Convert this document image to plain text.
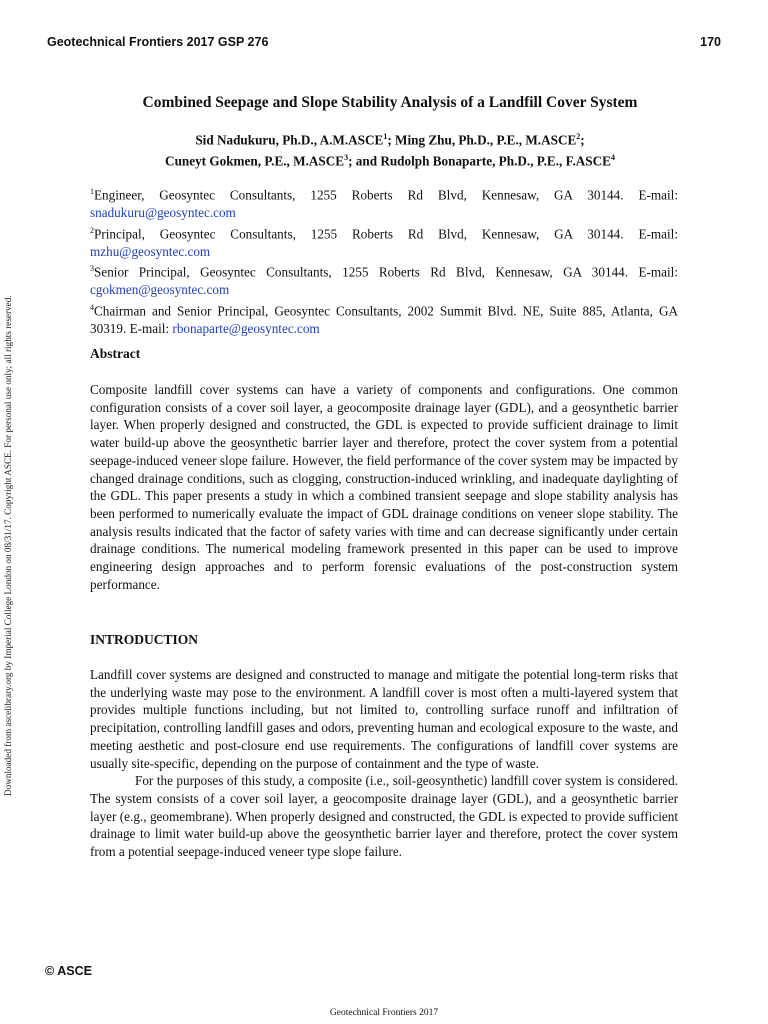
Geotechnical Frontiers 2017 GSP 276	170
Downloaded from ascelibrary.org by Imperial College London on 08/31/17. Copyright ASCE. For personal use only; all rights reserved.
Combined Seepage and Slope Stability Analysis of a Landfill Cover System
Sid Nadukuru, Ph.D., A.M.ASCE$^1$; Ming Zhu, Ph.D., P.E., M.ASCE$^2$;
Cuneyt Gokmen, P.E., M.ASCE$^3$; and Rudolph Bonaparte, Ph.D., P.E., F.ASCE$^4$
$^1$Engineer, Geosyntec Consultants, 1255 Roberts Rd Blvd, Kennesaw, GA 30144. E-mail: snadukuru@geosyntec.com
$^2$Principal, Geosyntec Consultants, 1255 Roberts Rd Blvd, Kennesaw, GA 30144. E-mail: mzhu@geosyntec.com
$^3$Senior Principal, Geosyntec Consultants, 1255 Roberts Rd Blvd, Kennesaw, GA 30144. E-mail: cgokmen@geosyntec.com
$^4$Chairman and Senior Principal, Geosyntec Consultants, 2002 Summit Blvd. NE, Suite 885, Atlanta, GA 30319. E-mail: rbonaparte@geosyntec.com
Abstract
Composite landfill cover systems can have a variety of components and configurations. One common configuration consists of a cover soil layer, a geocomposite drainage layer (GDL), and a geosynthetic barrier layer. When properly designed and constructed, the GDL is expected to provide sufficient drainage to limit water build-up above the geosynthetic barrier layer and therefore, protect the cover system from a potential seepage-induced veneer slope failure. However, the field performance of the cover system may be impacted by changed drainage conditions, such as clogging, construction-induced wrinkling, and inadequate daylighting of the GDL. This paper presents a study in which a combined transient seepage and slope stability analysis has been performed to numerically evaluate the impact of GDL drainage conditions on veneer slope stability. The analysis results indicated that the factor of safety varies with time and can decrease significantly under certain drainage conditions. The numerical modeling framework presented in this paper can be used to improve engineering design approaches and to perform forensic evaluations of the post-construction system performance.
INTRODUCTION

Landfill cover systems are designed and constructed to manage and mitigate the potential long-term risks that the underlying waste may pose to the environment. A landfill cover is most often a multi-layered system that provides multiple functions including, but not limited to, controlling surface runoff and infiltration of precipitation, controlling landfill gases and odors, preventing human and ecological exposure to the waste, and meeting aesthetic and post-closure end use requirements. The configurations of landfill cover systems are usually site-specific, depending on the purpose of containment and the type of waste.

For the purposes of this study, a composite (i.e., soil-geosynthetic) landfill cover system is considered. The system consists of a cover soil layer, a geocomposite drainage layer (GDL), and a geosynthetic barrier layer (e.g., geomembrane). When properly designed and constructed, the GDL is expected to provide sufficient drainage to limit water build-up above the geosynthetic barrier layer and therefore, protect the cover system from a potential seepage-induced veneer type slope failure.

© ASCE
Geotechnical Frontiers 2017
